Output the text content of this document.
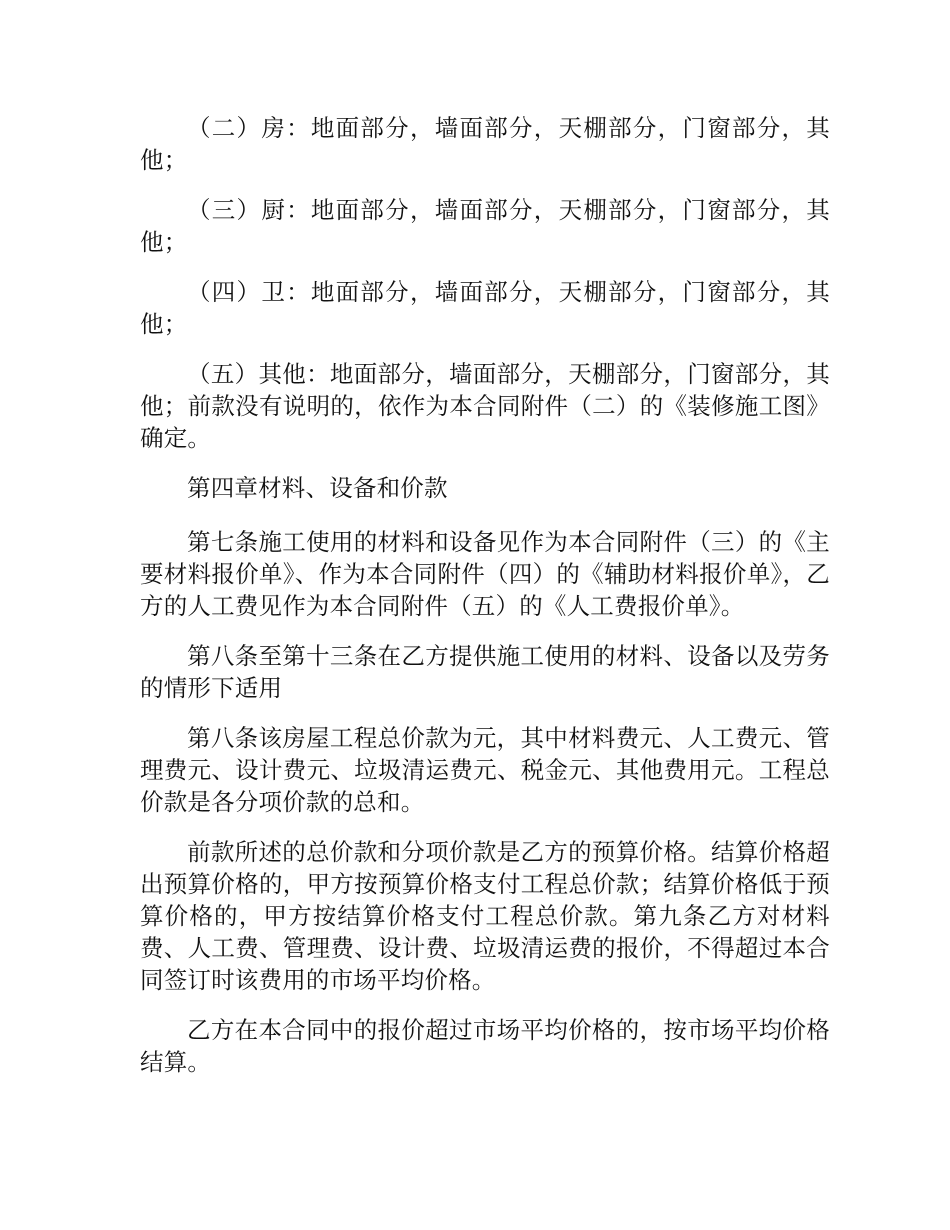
（二）房：地面部分，墙面部分，天棚部分，门窗部分，其他；

（三）厨：地面部分，墙面部分，天棚部分，门窗部分，其他；

（四）卫：地面部分，墙面部分，天棚部分，门窗部分，其他；

（五）其他：地面部分，墙面部分，天棚部分，门窗部分，其他；前款没有说明的，依作为本合同附件（二）的《装修施工图》确定。

第四章材料、设备和价款

第七条施工使用的材料和设备见作为本合同附件（三）的《主要材料报价单》、作为本合同附件（四）的《辅助材料报价单》，乙方的人工费见作为本合同附件（五）的《人工费报价单》。

第八条至第十三条在乙方提供施工使用的材料、设备以及劳务的情形下适用

第八条该房屋工程总价款为元，其中材料费元、人工费元、管理费元、设计费元、垃圾清运费元、税金元、其他费用元。工程总价款是各分项价款的总和。

前款所述的总价款和分项价款是乙方的预算价格。结算价格超出预算价格的，甲方按预算价格支付工程总价款；结算价格低于预算价格的，甲方按结算价格支付工程总价款。第九条乙方对材料费、人工费、管理费、设计费、垃圾清运费的报价，不得超过本合同签订时该费用的市场平均价格。

乙方在本合同中的报价超过市场平均价格的，按市场平均价格结算。
